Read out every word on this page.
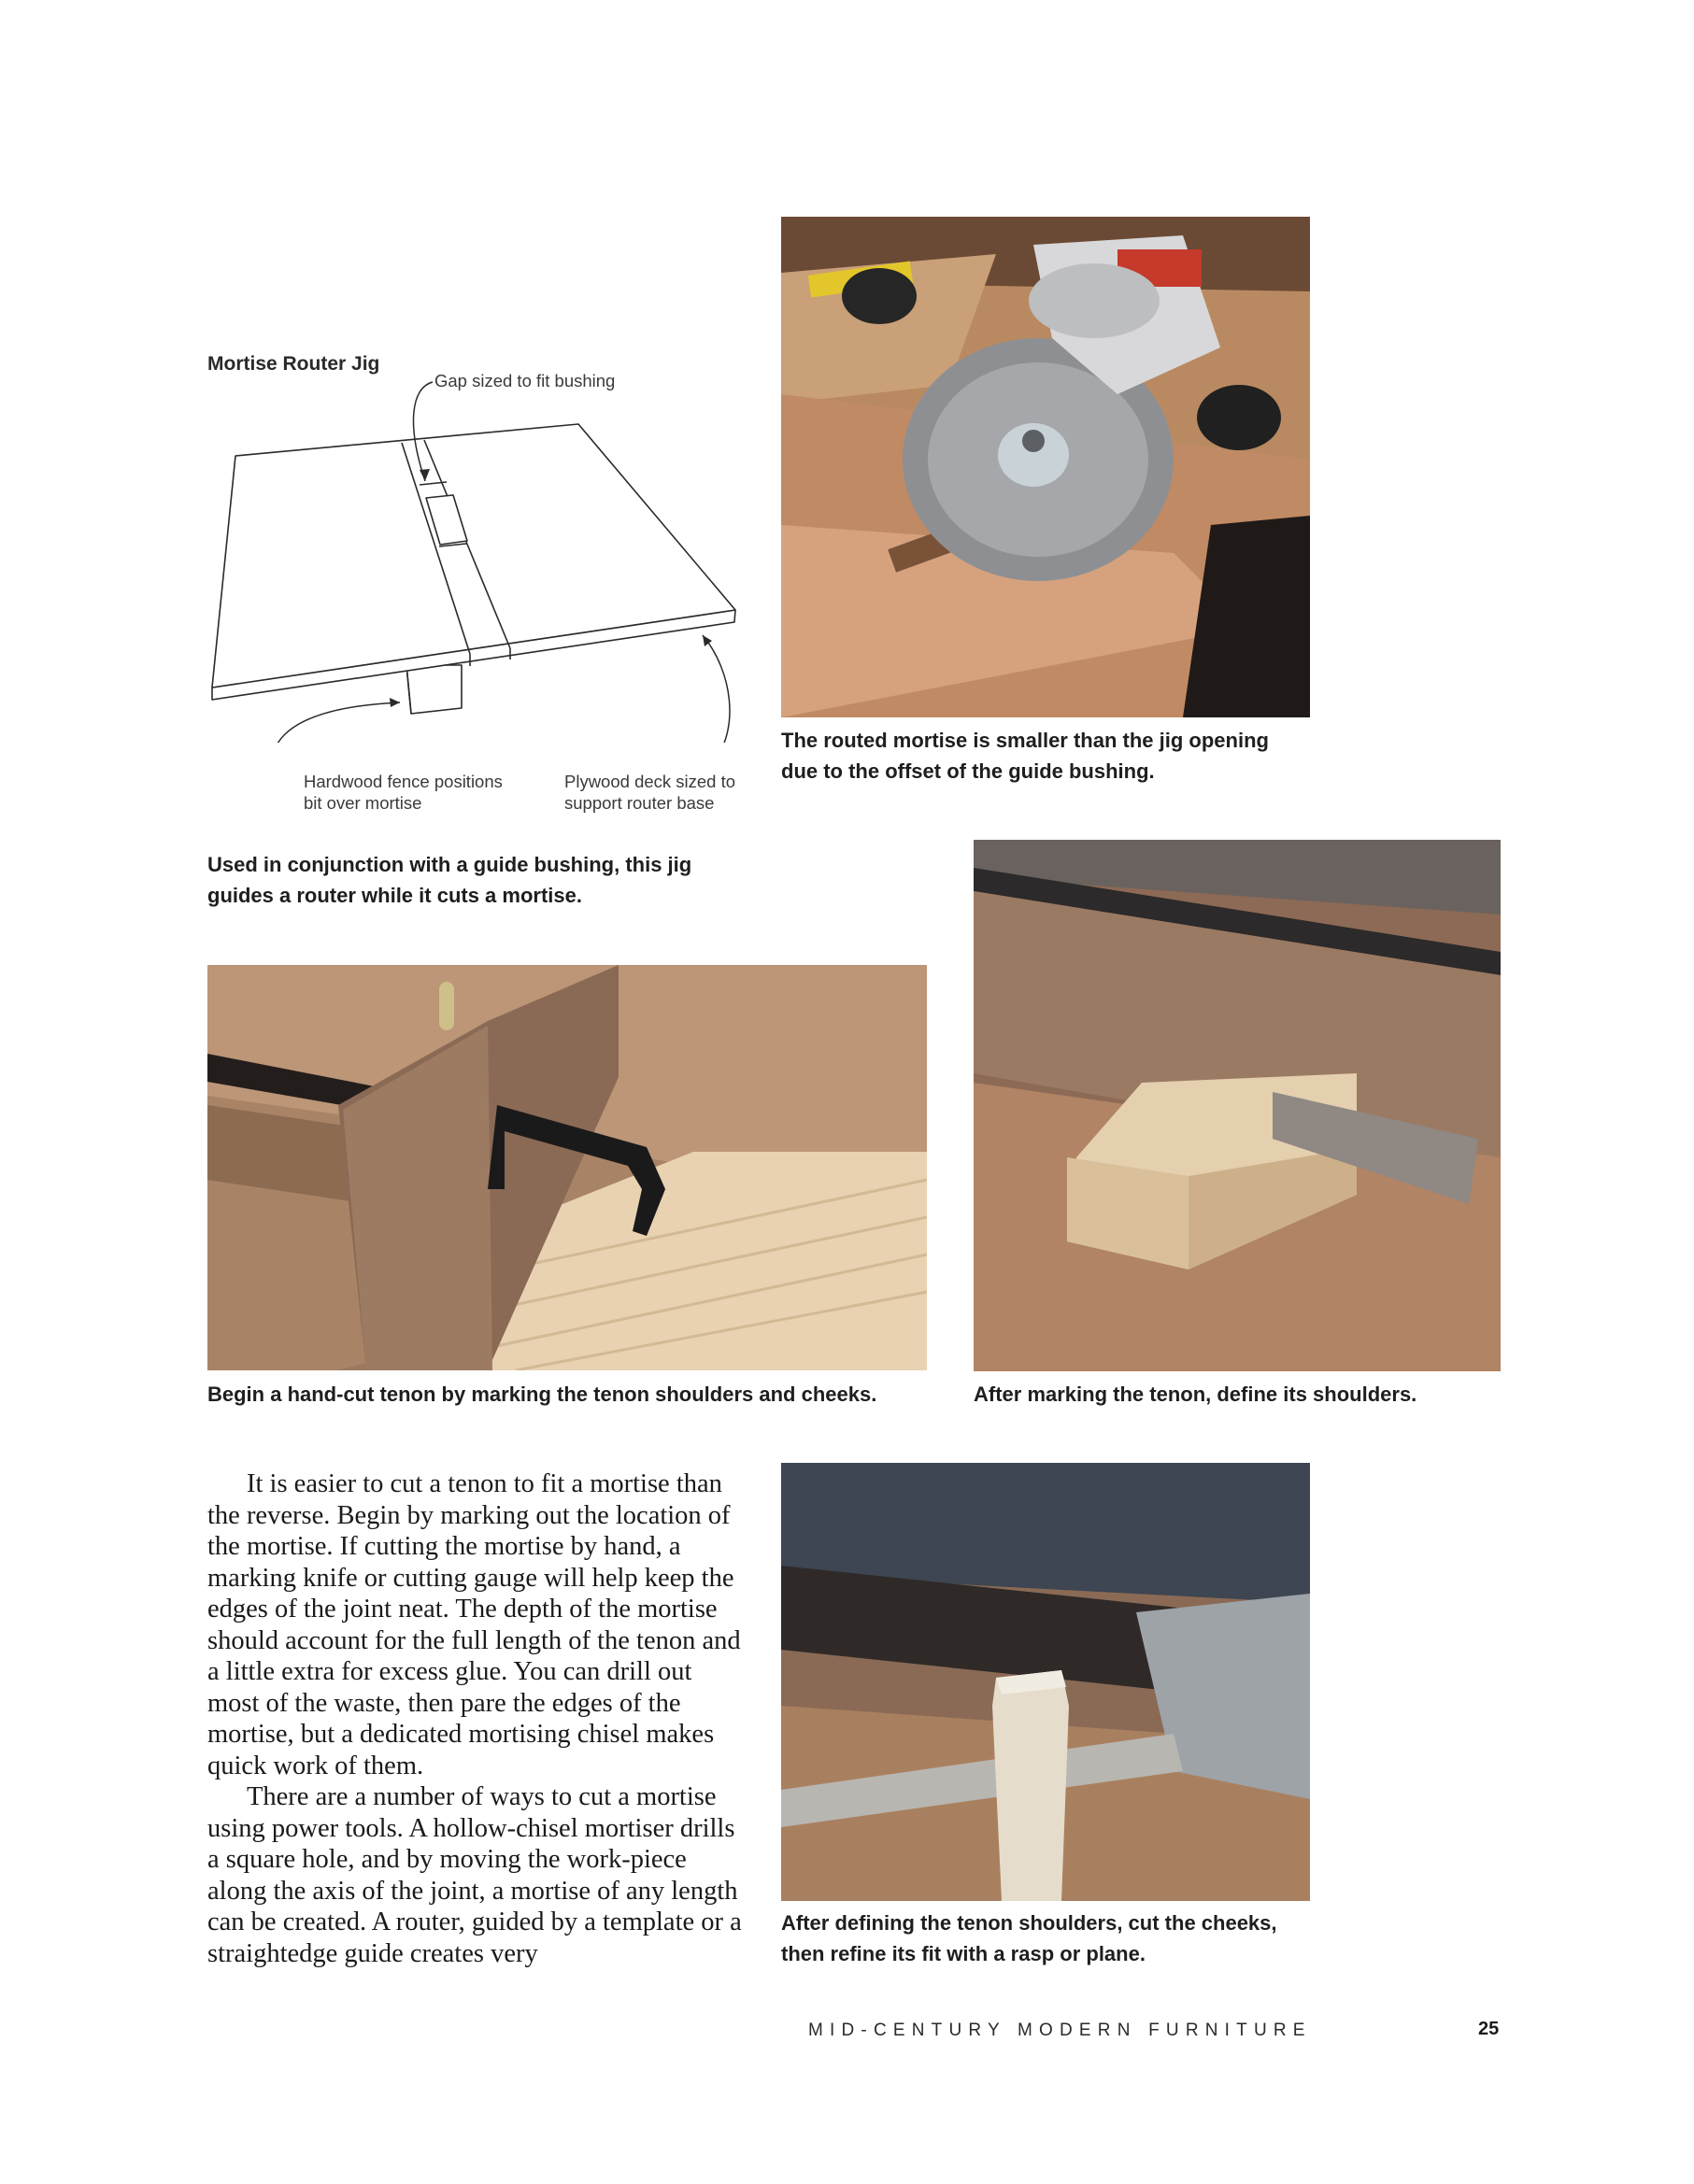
Mortise Router Jig
Gap sized to fit bushing
Hardwood fence positions
bit over mortise
Plywood deck sized to
support router base
Used in conjunction with a guide bushing, this jig
guides a router while it cuts a mortise.
The routed mortise is smaller than the jig opening
due to the offset of the guide bushing.
Begin a hand-cut tenon by marking the tenon shoulders and cheeks.	After marking the tenon, define its shoulders.

It is easier to cut a tenon to fit a mortise than the reverse. Begin by marking out the location of the mortise. If cutting the mortise by hand, a marking knife or cutting gauge will help keep the edges of the joint neat. The depth of the mortise should account for the full length of the tenon and a little extra for excess glue. You can drill out most of the waste, then pare the edges of the mortise, but a dedicated mortising chisel makes quick work of them.

There are a number of ways to cut a mortise using power tools. A hollow-chisel mortiser drills a square hole, and by moving the work-piece along the axis of the joint, a mortise of any length can be created. A router, guided by a template or a straightedge guide creates very

After defining the tenon shoulders, cut the cheeks,
then refine its fit with a rasp or plane.
MID-CENTURY MODERN FURNITURE	25
